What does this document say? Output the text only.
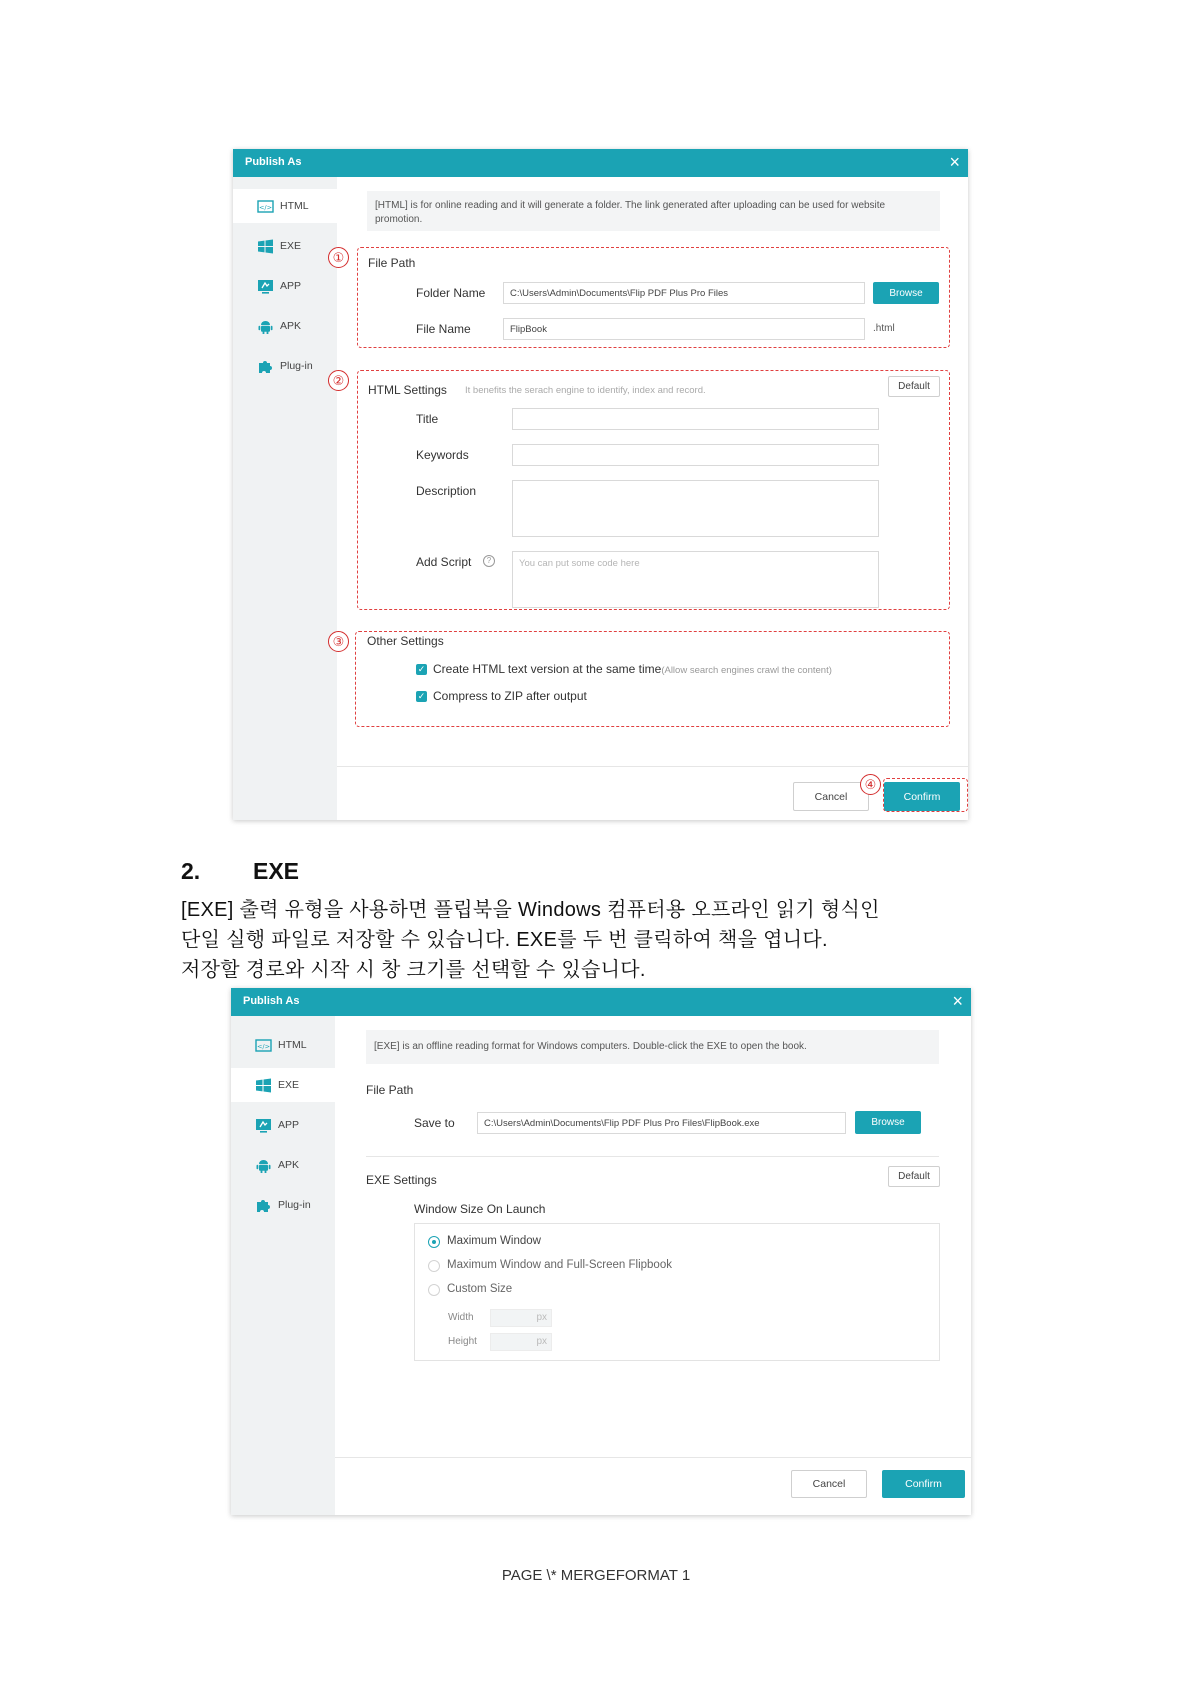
Publish As	×
</> HTML
EXE
APP
APK
Plug-in
[HTML] is for online reading and it will generate a folder. The link generated after uploading can be used for website promotion.
File Path
Folder Name	C:\Users\Admin\Documents\Flip PDF Plus Pro Files	Browse
File Name	FlipBook	.html
HTML Settings It benefits the serach engine to identify, index and record.	Default
Title
Keywords
Description
Add Script	?	You can put some code here
Other Settings
✓ Create HTML text version at the same time(Allow search engines crawl the content)
✓ Compress to ZIP after output
Cancel	Confirm
①
②
③
④
2. EXE
[EXE] 출력 유형을 사용하면 플립북을 Windows 컴퓨터용 오프라인 읽기 형식인
단일 실행 파일로 저장할 수 있습니다. EXE를 두 번 클릭하여 책을 엽니다.
저장할 경로와 시작 시 창 크기를 선택할 수 있습니다.
Publish As	×
</> HTML
EXE
APP
APK
Plug-in
[EXE] is an offline reading format for Windows computers. Double-click the EXE to open the book.
File Path
Save to	C:\Users\Admin\Documents\Flip PDF Plus Pro Files\FlipBook.exe	Browse
EXE Settings	Default
Window Size On Launch
Maximum Window
Maximum Window and Full-Screen Flipbook
Custom Size
Width	px
Height	px
Cancel	Confirm
PAGE \* MERGEFORMAT 1
